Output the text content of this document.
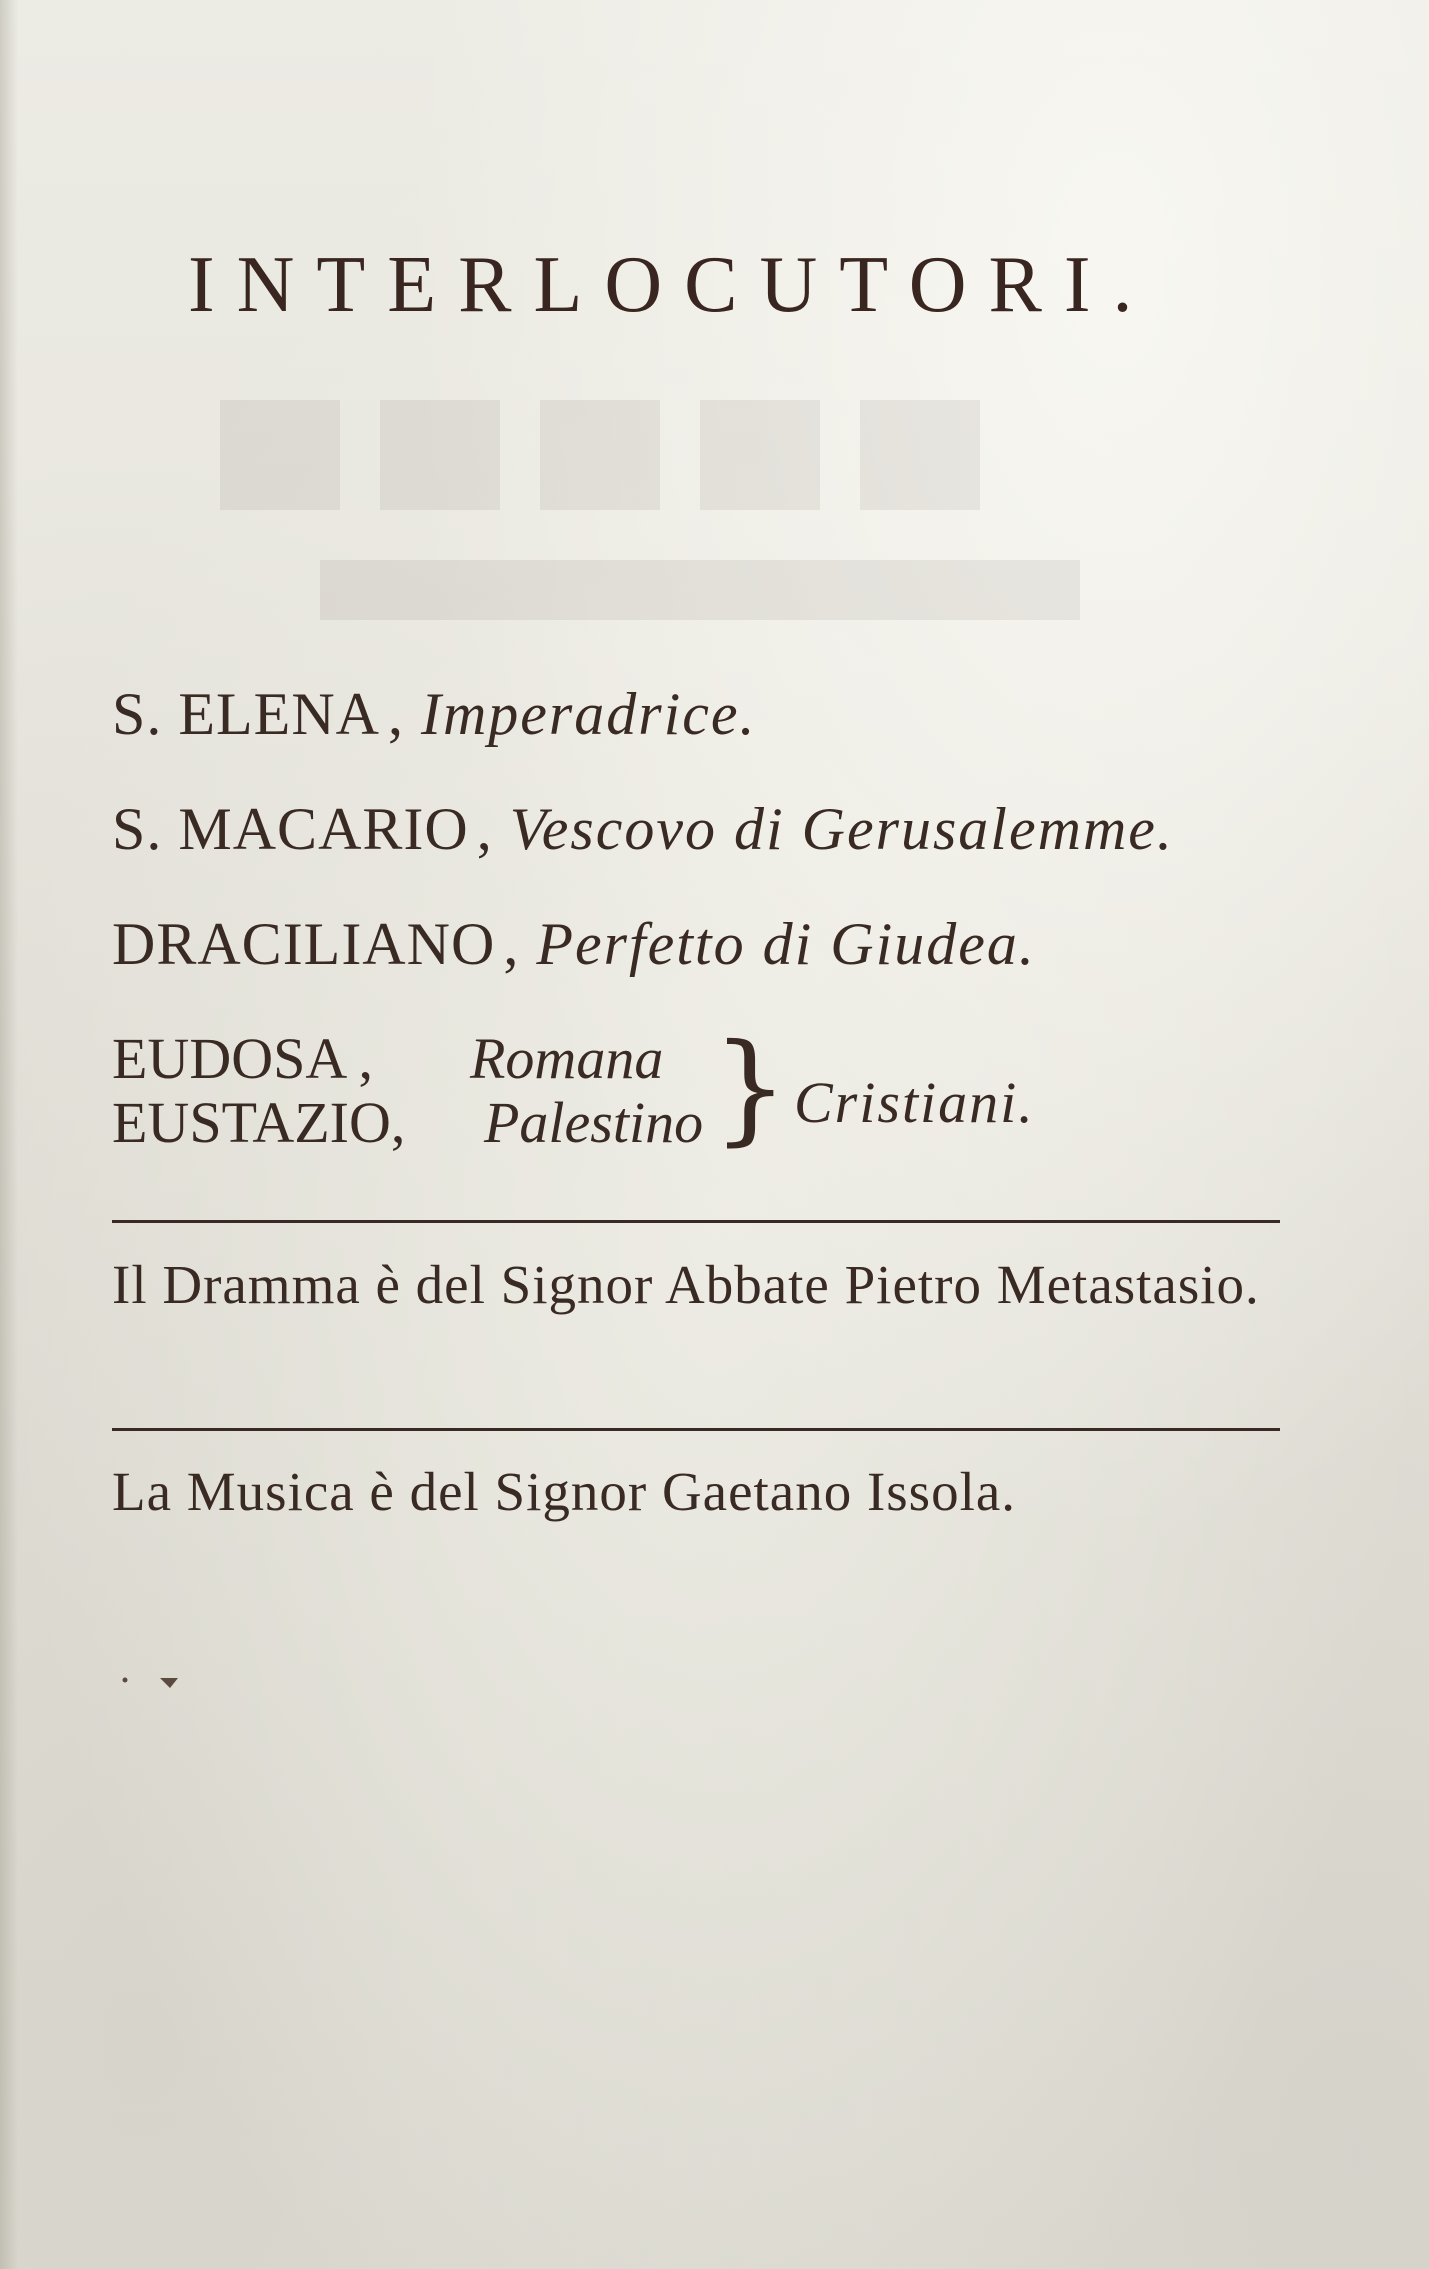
INTERLOCUTORI.
S. ELENA , Imperadrice.
S. MACARIO , Vescovo di Gerusalemme.
DRACILIANO , Perfetto di Giudea.
EUDOSA , Romana
EUSTAZIO, Palestino } Cristiani.
Il Dramma è del Signor Abbate Pietro Metastasio.
La Musica è del Signor Gaetano Issola.
